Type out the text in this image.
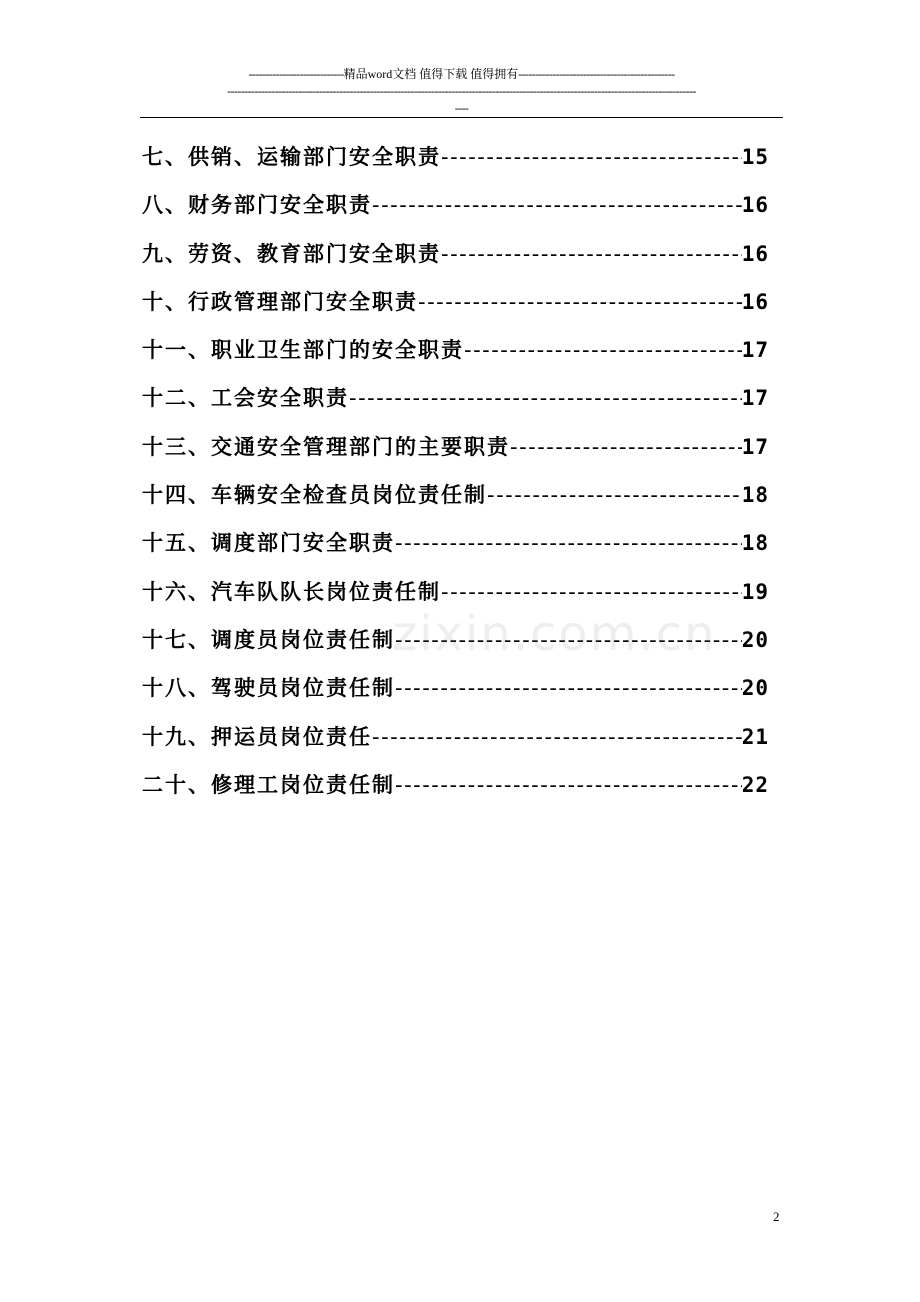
----------------------------精品word文档 值得下载 值得拥有----------------------------------------------
------------------------------------------------------------------------------------------------------------------------------------------
----
七、供销、运输部门安全职责 -----	15
八、财务部门安全职责 -----	16
九、劳资、教育部门安全职责 -----	16
十、行政管理部门安全职责 -----	16
十一、职业卫生部门的安全职责 -----	17
十二、工会安全职责 -----	17
十三、交通安全管理部门的主要职责 -----	17
十四、车辆安全检查员岗位责任制 -----	18
十五、调度部门安全职责 -----	18
十六、汽车队队长岗位责任制 -----	19
十七、调度员岗位责任制 -----	20
十八、驾驶员岗位责任制 -----	20
十九、押运员岗位责任 -----	21
二十、修理工岗位责任制 -----	22
zixin.com.cn
2
